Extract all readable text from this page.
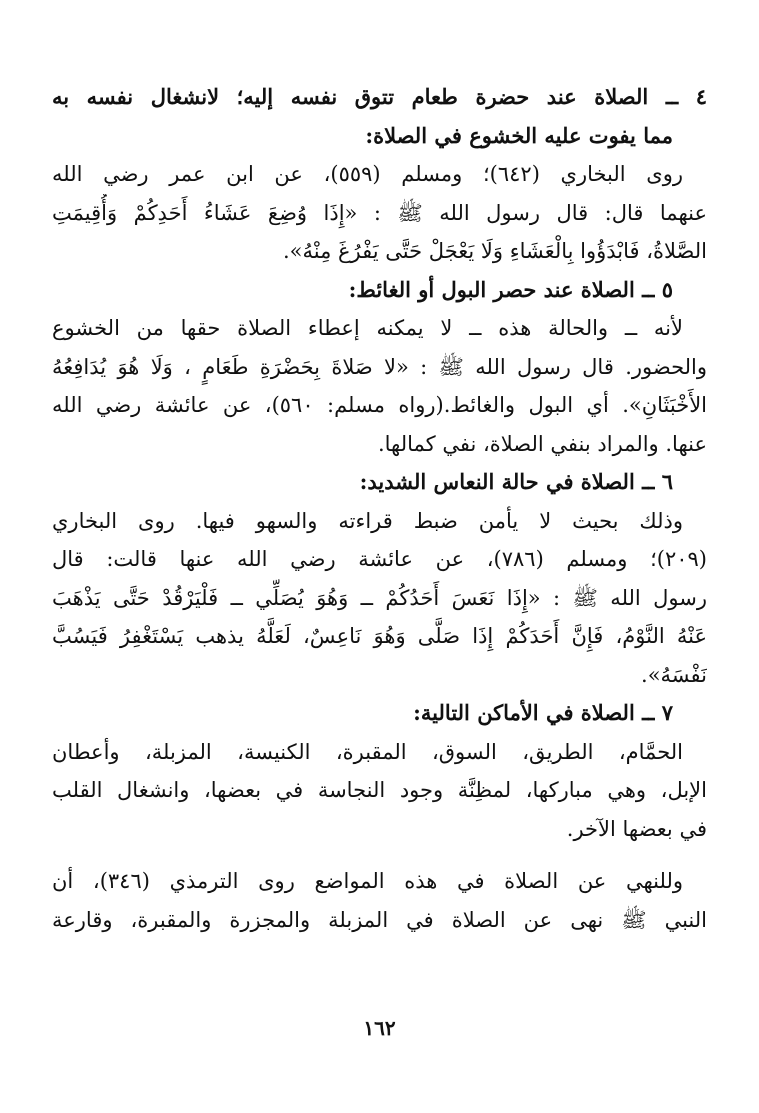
٤ ــ الصلاة عند حضرة طعام تتوق نفسه إليه؛ لانشغال نفسه به
مما يفوت عليه الخشوع في الصلاة:
روى البخاري (٦٤٢)؛ ومسلم (٥٥٩)، عن ابن عمر رضي الله
عنهما قال: قال رسول الله ﷺ : «إِذَا وُضِعَ عَشَاءُ أَحَدِكُمْ وَأُقِيمَتِ
الصَّلاةُ، فَابْدَؤُوا بِالْعَشَاءِ وَلَا يَعْجَلْ حَتَّى يَفْرُغَ مِنْهُ».
٥ ــ الصلاة عند حصر البول أو الغائط:
لأنه ــ والحالة هذه ــ لا يمكنه إعطاء الصلاة حقها من الخشوع
والحضور. قال رسول الله ﷺ : «لا صَلاةَ بِحَضْرَةِ طَعَامٍ ، وَلَا هُوَ يُدَافِعُهُ
الأَخْبَثَانِ». أي البول والغائط.(رواه مسلم: ٥٦٠)، عن عائشة رضي الله
عنها. والمراد بنفي الصلاة، نفي كمالها.
٦ ــ الصلاة في حالة النعاس الشديد:
وذلك بحيث لا يأمن ضبط قراءته والسهو فيها. روى البخاري
(٢٠٩)؛ ومسلم (٧٨٦)، عن عائشة رضي الله عنها قالت: قال
رسول الله ﷺ : «إِذَا نَعَسَ أَحَدُكُمْ ــ وَهُوَ يُصَلِّي ــ فَلْيَرْقُدْ حَتَّى يَذْهَبَ
عَنْهُ النَّوْمُ، فَإِنَّ أَحَدَكُمْ إِذَا صَلَّى وَهُوَ نَاعِسٌ، لَعَلَّهُ يذهب يَسْتَغْفِرُ فَيَسُبَّ
نَفْسَهُ».
٧ ــ الصلاة في الأماكن التالية:
الحمَّام، الطريق، السوق، المقبرة، الكنيسة، المزبلة، وأعطان
الإبل، وهي مباركها، لمظِنَّة وجود النجاسة في بعضها، وانشغال القلب
في بعضها الآخر.
وللنهي عن الصلاة في هذه المواضع روى الترمذي (٣٤٦)، أن
النبي ﷺ نهى عن الصلاة في المزبلة والمجزرة والمقبرة، وقارعة
١٦٢
